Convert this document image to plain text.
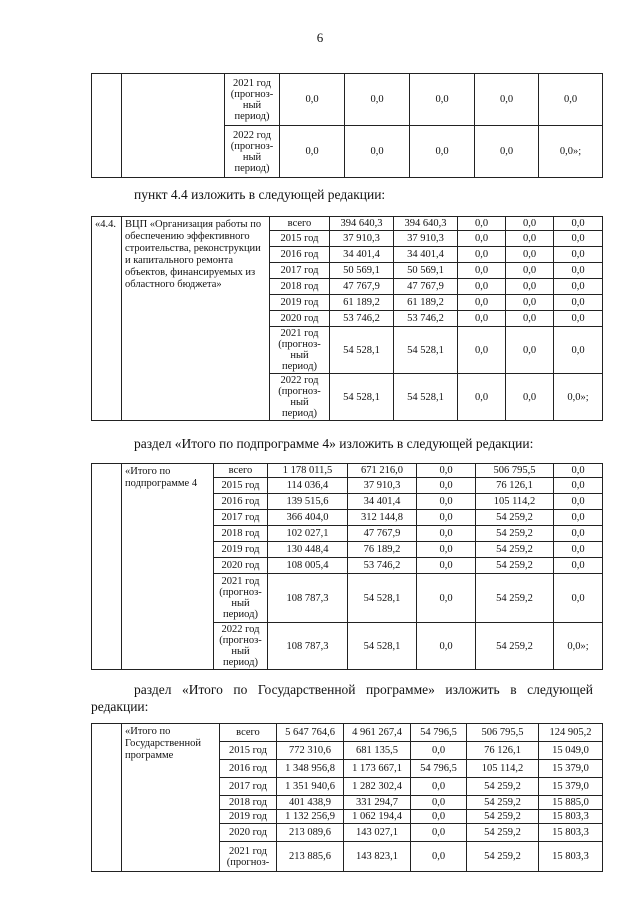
6
		2021 год (прогноз-ный период)	0,0	0,0	0,0	0,0	0,0
		2022 год (прогноз-ный период)	0,0	0,0	0,0	0,0	0,0»;
пункт 4.4 изложить в следующей редакции:
«4.4.	ВЦП «Организация работы по обеспечению эффективного строительства, реконструкции и капитального ремонта объектов, финансируемых из областного бюджета»	всего	394 640,3	394 640,3	0,0	0,0	0,0
		2015 год	37 910,3	37 910,3	0,0	0,0	0,0
		2016 год	34 401,4	34 401,4	0,0	0,0	0,0
		2017 год	50 569,1	50 569,1	0,0	0,0	0,0
		2018 год	47 767,9	47 767,9	0,0	0,0	0,0
		2019 год	61 189,2	61 189,2	0,0	0,0	0,0
		2020 год	53 746,2	53 746,2	0,0	0,0	0,0
		2021 год (прогноз-ный период)	54 528,1	54 528,1	0,0	0,0	0,0
		2022 год (прогноз-ный период)	54 528,1	54 528,1	0,0	0,0	0,0»;
раздел «Итого по подпрограмме 4» изложить в следующей редакции:
	«Итого по подпрограмме 4	всего	1 178 011,5	671 216,0	0,0	506 795,5	0,0
		2015 год	114 036,4	37 910,3	0,0	76 126,1	0,0
		2016 год	139 515,6	34 401,4	0,0	105 114,2	0,0
		2017 год	366 404,0	312 144,8	0,0	54 259,2	0,0
		2018 год	102 027,1	47 767,9	0,0	54 259,2	0,0
		2019 год	130 448,4	76 189,2	0,0	54 259,2	0,0
		2020 год	108 005,4	53 746,2	0,0	54 259,2	0,0
		2021 год (прогноз-ный период)	108 787,3	54 528,1	0,0	54 259,2	0,0
		2022 год (прогноз-ный период)	108 787,3	54 528,1	0,0	54 259,2	0,0»;
раздел «Итого по Государственной программе» изложить в следующей
редакции:
	«Итого по Государственной программе	всего	5 647 764,6	4 961 267,4	54 796,5	506 795,5	124 905,2
		2015 год	772 310,6	681 135,5	0,0	76 126,1	15 049,0
		2016 год	1 348 956,8	1 173 667,1	54 796,5	105 114,2	15 379,0
		2017 год	1 351 940,6	1 282 302,4	0,0	54 259,2	15 379,0
		2018 год	401 438,9	331 294,7	0,0	54 259,2	15 885,0
		2019 год	1 132 256,9	1 062 194,4	0,0	54 259,2	15 803,3
		2020 год	213 089,6	143 027,1	0,0	54 259,2	15 803,3
		2021 год (прогноз-	213 885,6	143 823,1	0,0	54 259,2	15 803,3
